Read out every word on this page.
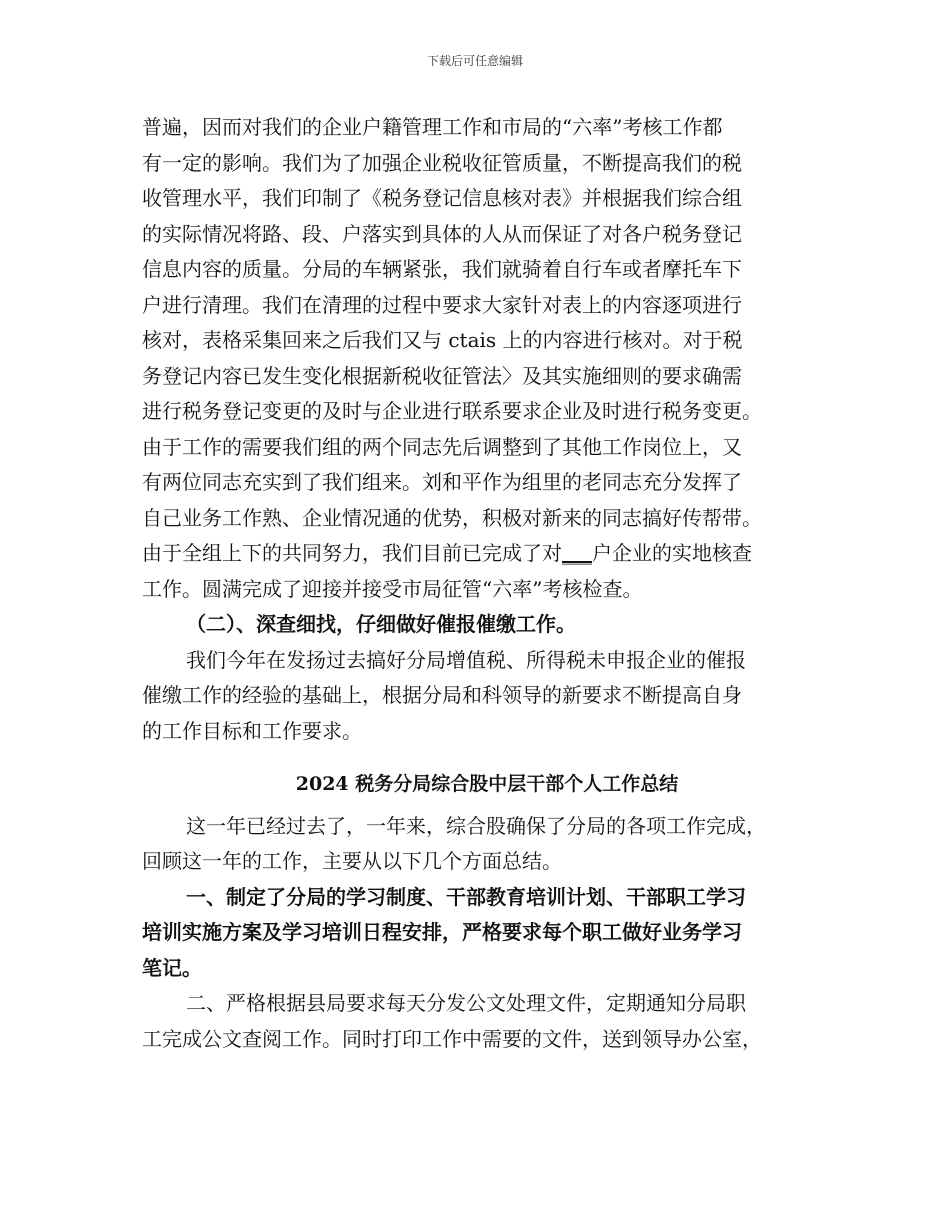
下载后可任意编辑
普遍，因而对我们的企业户籍管理工作和市局的“六率”考核工作都
有一定的影响。我们为了加强企业税收征管质量，不断提高我们的税
收管理水平，我们印制了《税务登记信息核对表》并根据我们综合组
的实际情况将路、段、户落实到具体的人从而保证了对各户税务登记
信息内容的质量。分局的车辆紧张，我们就骑着自行车或者摩托车下
户进行清理。我们在清理的过程中要求大家针对表上的内容逐项进行
核对，表格采集回来之后我们又与 ctais 上的内容进行核对。对于税
务登记内容已发生变化根据新税收征管法〉及其实施细则的要求确需
进行税务登记变更的及时与企业进行联系要求企业及时进行税务变更。
由于工作的需要我们组的两个同志先后调整到了其他工作岗位上，又
有两位同志充实到了我们组来。刘和平作为组里的老同志充分发挥了
自己业务工作熟、企业情况通的优势，积极对新来的同志搞好传帮带。
由于全组上下的共同努力，我们目前已完成了对___户企业的实地核查
工作。圆满完成了迎接并接受市局征管“六率”考核检查。
（二）、深查细找，仔细做好催报催缴工作。
我们今年在发扬过去搞好分局增值税、所得税未申报企业的催报
催缴工作的经验的基础上，根据分局和科领导的新要求不断提高自身
的工作目标和工作要求。
2024 税务分局综合股中层干部个人工作总结
这一年已经过去了，一年来，综合股确保了分局的各项工作完成，
回顾这一年的工作，主要从以下几个方面总结。
一、制定了分局的学习制度、干部教育培训计划、干部职工学习
培训实施方案及学习培训日程安排，严格要求每个职工做好业务学习
笔记。
二、严格根据县局要求每天分发公文处理文件，定期通知分局职
工完成公文查阅工作。同时打印工作中需要的文件，送到领导办公室，
